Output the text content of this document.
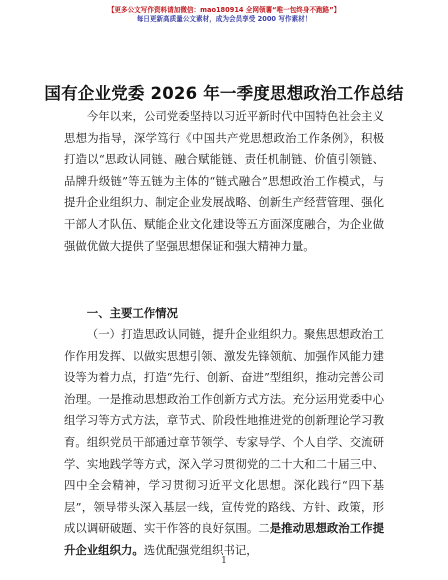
【更多公文写作资料请加微信：mao180914 全网领薯“唯一包终身不跑路”】
每日更新高质量公文素材，成为会员享受 2000 写作素材！
国有企业党委 2026 年一季度思想政治工作总结

今年以来，公司党委坚持以习近平新时代中国特色社会主义思想为指导，深学笃行《中国共产党思想政治工作条例》，积极打造以“思政认同链、融合赋能链、责任机制链、价值引领链、品牌升级链”等五链为主体的“链式融合”思想政治工作模式，与提升企业组织力、制定企业发展战略、创新生产经营管理、强化干部人才队伍、赋能企业文化建设等五方面深度融合，为企业做强做优做大提供了坚强思想保证和强大精神力量。

一、主要工作情况

（一）打造思政认同链，提升企业组织力。聚焦思想政治工作作用发挥、以做实思想引领、激发先锋领航、加强作风能力建设等为着力点，打造“先行、创新、奋进”型组织，推动完善公司治理。一是推动思想政治工作创新方式方法。充分运用党委中心组学习等方式方法，章节式、阶段性地推进党的创新理论学习教育。组织党员干部通过章节领学、专家导学、个人自学、交流研学、实地践学等方式，深入学习贯彻党的二十大和二十届三中、四中全会精神，学习贯彻习近平文化思想。深化践行“四下基层”，领导带头深入基层一线，宣传党的路线、方针、政策，形成以调研破题、实干作答的良好氛围。二是推动思想政治工作提升企业组织力。选优配强党组织书记，

1
